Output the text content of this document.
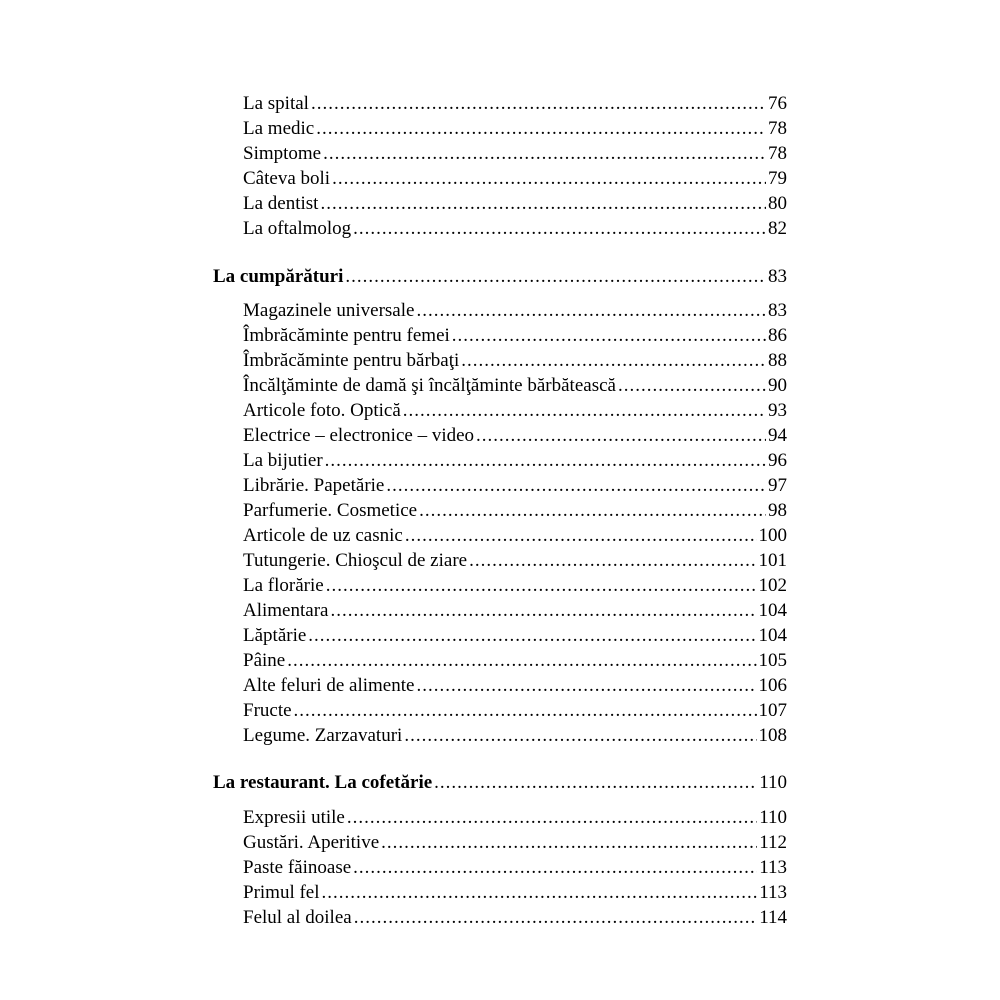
La spital .....	76
La medic .....	78
Simptome .....	78
Câteva boli .....	79
La dentist .....	80
La oftalmolog .....	82
La cumpărături .....	83
Magazinele universale .....	83
Îmbrăcăminte pentru femei .....	86
Îmbrăcăminte pentru bărbaţi .....	88
Încălţăminte de damă şi încălţăminte bărbătească .....	90
Articole foto. Optică .....	93
Electrice – electronice – video .....	94
La bijutier .....	96
Librărie. Papetărie .....	97
Parfumerie. Cosmetice .....	98
Articole de uz casnic .....	100
Tutungerie. Chioşcul de ziare .....	101
La florărie .....	102
Alimentara .....	104
Lăptărie .....	104
Pâine .....	105
Alte feluri de alimente .....	106
Fructe .....	107
Legume. Zarzavaturi .....	108
La restaurant. La cofetărie .....	110
Expresii utile .....	110
Gustări. Aperitive .....	112
Paste făinoase .....	113
Primul fel .....	113
Felul al doilea .....	114
